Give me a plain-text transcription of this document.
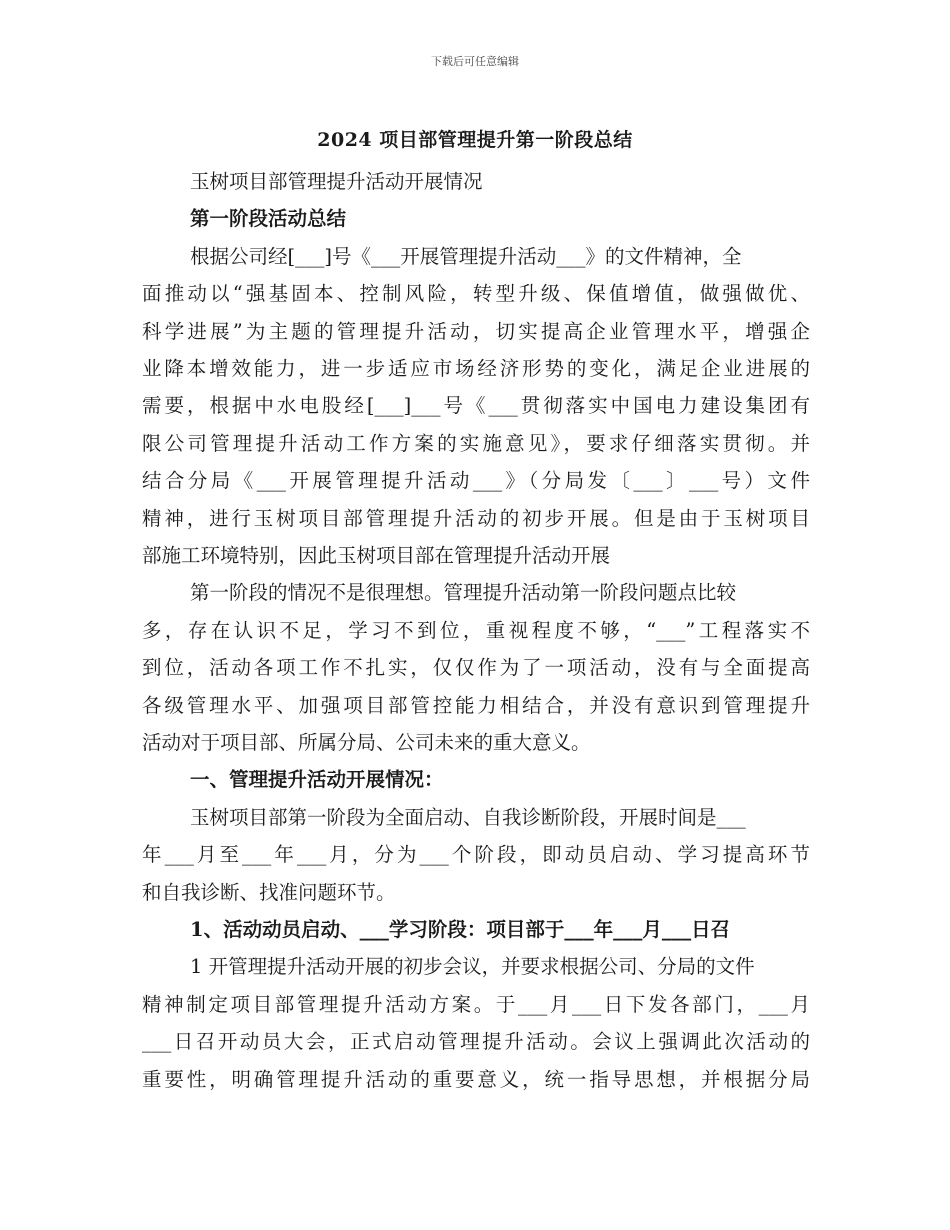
下载后可任意编辑
2024 项目部管理提升第一阶段总结
玉树项目部管理提升活动开展情况
第一阶段活动总结
根据公司经[___]号《___开展管理提升活动___》的文件精神，全
面推动以“强基固本、控制风险，转型升级、保值增值，做强做优、
科学进展”为主题的管理提升活动，切实提高企业管理水平，增强企
业降本增效能力，进一步适应市场经济形势的变化，满足企业进展的
需要，根据中水电股经[___]___号《___贯彻落实中国电力建设集团有
限公司管理提升活动工作方案的实施意见》，要求仔细落实贯彻。并
结合分局《___开展管理提升活动___》（分局发〔___〕___号）文件
精神，进行玉树项目部管理提升活动的初步开展。但是由于玉树项目
部施工环境特别，因此玉树项目部在管理提升活动开展
第一阶段的情况不是很理想。管理提升活动第一阶段问题点比较
多，存在认识不足，学习不到位，重视程度不够，“___”工程落实不
到位，活动各项工作不扎实，仅仅作为了一项活动，没有与全面提高
各级管理水平、加强项目部管控能力相结合，并没有意识到管理提升
活动对于项目部、所属分局、公司未来的重大意义。
一、管理提升活动开展情况：
玉树项目部第一阶段为全面启动、自我诊断阶段，开展时间是___
年___月至___年___月，分为___个阶段，即动员启动、学习提高环节
和自我诊断、找准问题环节。
1、活动动员启动、___学习阶段：项目部于___年___月___日召
1 开管理提升活动开展的初步会议，并要求根据公司、分局的文件
精神制定项目部管理提升活动方案。于___月___日下发各部门，___月
___日召开动员大会，正式启动管理提升活动。会议上强调此次活动的
重要性，明确管理提升活动的重要意义，统一指导思想，并根据分局
